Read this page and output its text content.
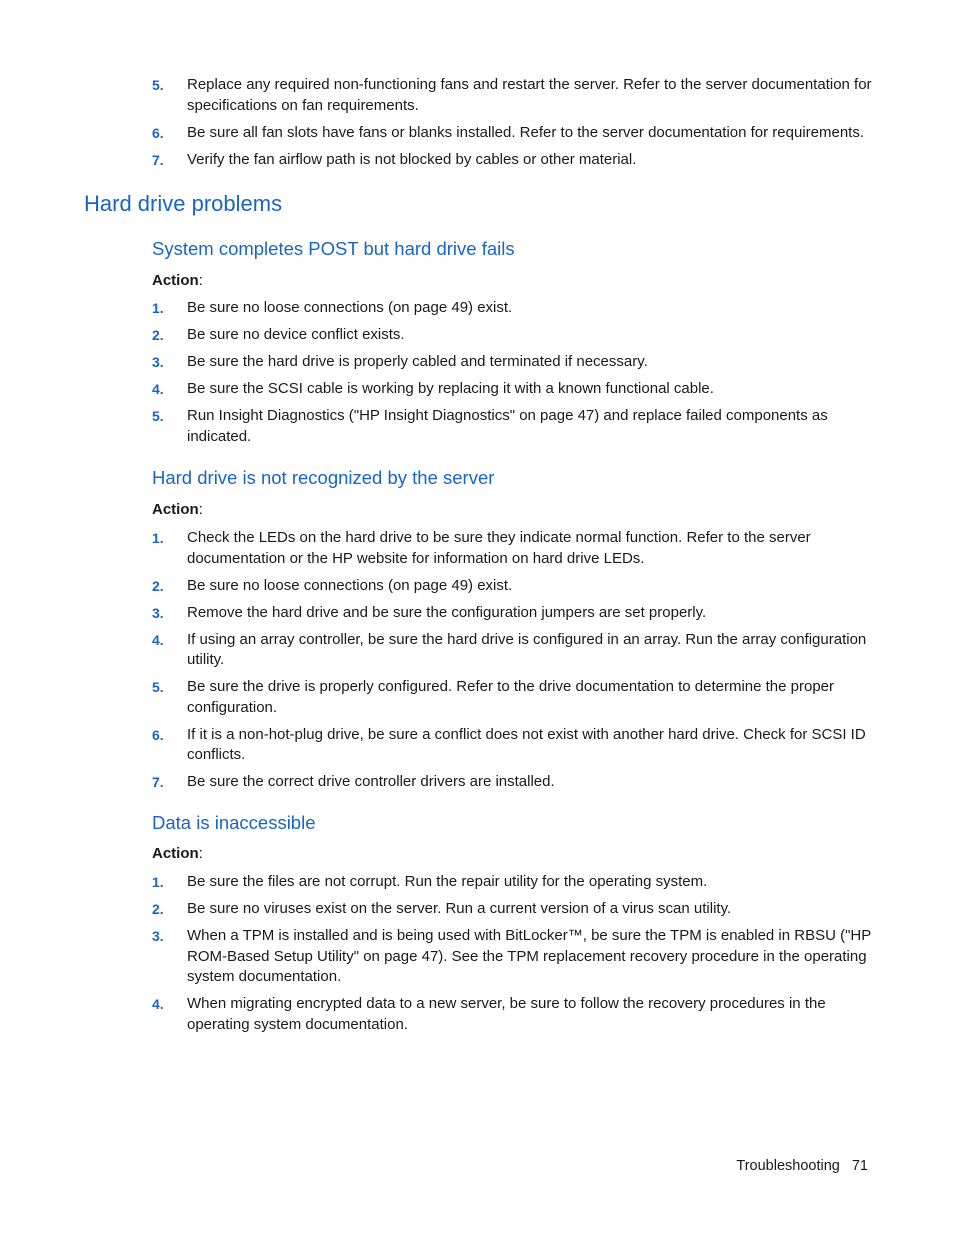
5.	Replace any required non-functioning fans and restart the server. Refer to the server documentation for specifications on fan requirements.
6.	Be sure all fan slots have fans or blanks installed. Refer to the server documentation for requirements.
7.	Verify the fan airflow path is not blocked by cables or other material.
Hard drive problems
System completes POST but hard drive fails
Action:
1.	Be sure no loose connections (on page 49) exist.
2.	Be sure no device conflict exists.
3.	Be sure the hard drive is properly cabled and terminated if necessary.
4.	Be sure the SCSI cable is working by replacing it with a known functional cable.
5.	Run Insight Diagnostics ("HP Insight Diagnostics" on page 47) and replace failed components as indicated.
Hard drive is not recognized by the server
Action:
1.	Check the LEDs on the hard drive to be sure they indicate normal function. Refer to the server documentation or the HP website for information on hard drive LEDs.
2.	Be sure no loose connections (on page 49) exist.
3.	Remove the hard drive and be sure the configuration jumpers are set properly.
4.	If using an array controller, be sure the hard drive is configured in an array. Run the array configuration utility.
5.	Be sure the drive is properly configured. Refer to the drive documentation to determine the proper configuration.
6.	If it is a non-hot-plug drive, be sure a conflict does not exist with another hard drive. Check for SCSI ID conflicts.
7.	Be sure the correct drive controller drivers are installed.
Data is inaccessible
Action:
1.	Be sure the files are not corrupt. Run the repair utility for the operating system.
2.	Be sure no viruses exist on the server. Run a current version of a virus scan utility.
3.	When a TPM is installed and is being used with BitLocker™, be sure the TPM is enabled in RBSU ("HP ROM-Based Setup Utility" on page 47). See the TPM replacement recovery procedure in the operating system documentation.
4.	When migrating encrypted data to a new server, be sure to follow the recovery procedures in the operating system documentation.
Troubleshooting 71
